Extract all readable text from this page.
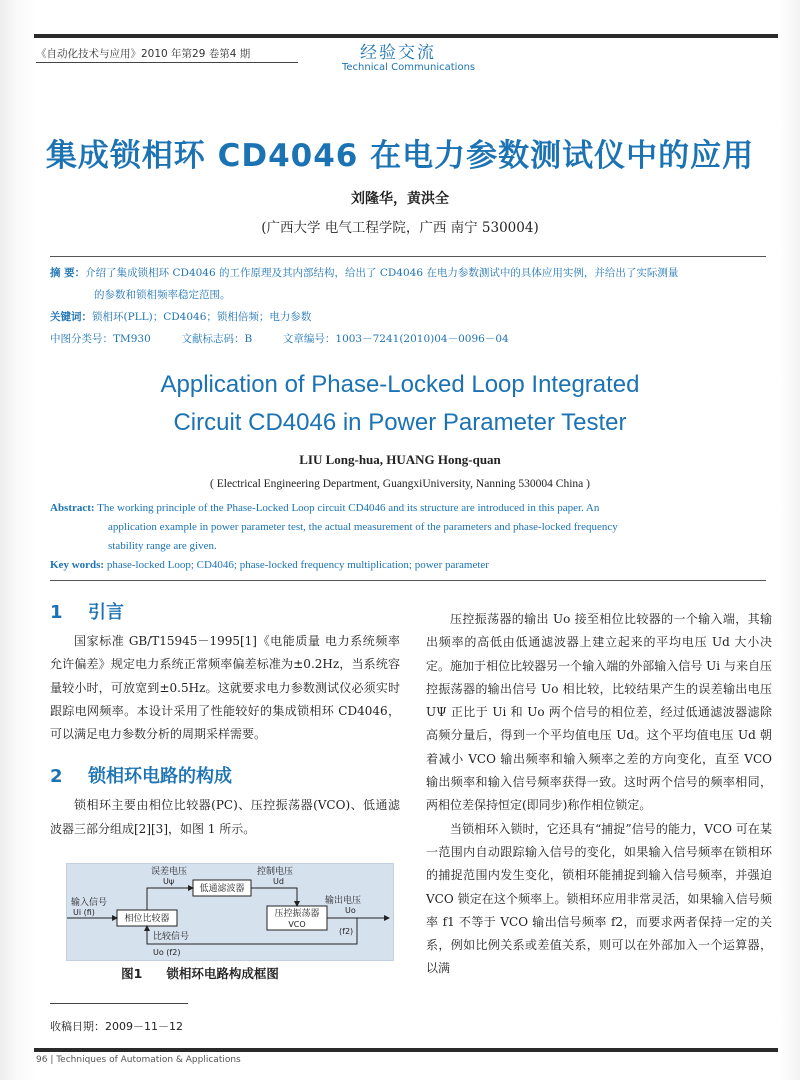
《自动化技术与应用》2010 年第29 卷第4 期	经验交流
Technical Communications
集成锁相环 CD4046 在电力参数测试仪中的应用
刘隆华，黄洪全
(广西大学 电气工程学院，广西 南宁 530004)
摘 要：介绍了集成锁相环 CD4046 的工作原理及其内部结构，给出了 CD4046 在电力参数测试中的具体应用实例，并给出了实际测量
的参数和锁相频率稳定范围。
关键词：锁相环(PLL)；CD4046；锁相倍频；电力参数
中图分类号：TM930	文献标志码：B	文章编号：1003－7241(2010)04－0096－04
Application of Phase-Locked Loop Integrated
Circuit CD4046 in Power Parameter Tester
LIU Long-hua, HUANG Hong-quan
( Electrical Engineering Department, GuangxiUniversity, Nanning 530004 China )
Abstract: The working principle of the Phase-Locked Loop circuit CD4046 and its structure are introduced in this paper. An
application example in power parameter test, the actual measurement of the parameters and phase-locked frequency
stability range are given.
Key words: phase-locked Loop; CD4046; phase-locked frequency multiplication; power parameter
1 引言

国家标准 GB/T15945－1995[1]《电能质量 电力系统频率允许偏差》规定电力系统正常频率偏差标准为±0.2Hz，当系统容量较小时，可放宽到±0.5Hz。这就要求电力参数测试仪必须实时跟踪电网频率。本设计采用了性能较好的集成锁相环 CD4046，可以满足电力参数分析的周期采样需要。

2 锁相环电路的构成

锁相环主要由相位比较器(PC)、压控振荡器(VCO)、低通滤波器三部分组成[2][3]，如图 1 所示。

输入信号
Ui (fi)
相位比较器
低通滤波器
压控振荡器
VCO
误差电压
Uψ
控制电压
Ud
输出电压
Uo
(f2)
比较信号
Uo (f2)
图1 锁相环电路构成框图

压控振荡器的输出 Uo 接至相位比较器的一个输入端，其输出频率的高低由低通滤波器上建立起来的平均电压 Ud 大小决定。施加于相位比较器另一个输入端的外部输入信号 Ui 与来自压控振荡器的输出信号 Uo 相比较，比较结果产生的误差输出电压 UΨ 正比于 Ui 和 Uo 两个信号的相位差，经过低通滤波器滤除高频分量后，得到一个平均值电压 Ud。这个平均值电压 Ud 朝着减小 VCO 输出频率和输入频率之差的方向变化，直至 VCO 输出频率和输入信号频率获得一致。这时两个信号的频率相同，两相位差保持恒定(即同步)称作相位锁定。

当锁相环入锁时，它还具有“捕捉”信号的能力，VCO 可在某一范围内自动跟踪输入信号的变化，如果输入信号频率在锁相环的捕捉范围内发生变化，锁相环能捕捉到输入信号频率，并强迫 VCO 锁定在这个频率上。锁相环应用非常灵活，如果输入信号频率 f1 不等于 VCO 输出信号频率 f2，而要求两者保持一定的关系，例如比例关系或差值关系，则可以在外部加入一个运算器，以满

收稿日期：2009－11－12
96 | Techniques of Automation & Applications
